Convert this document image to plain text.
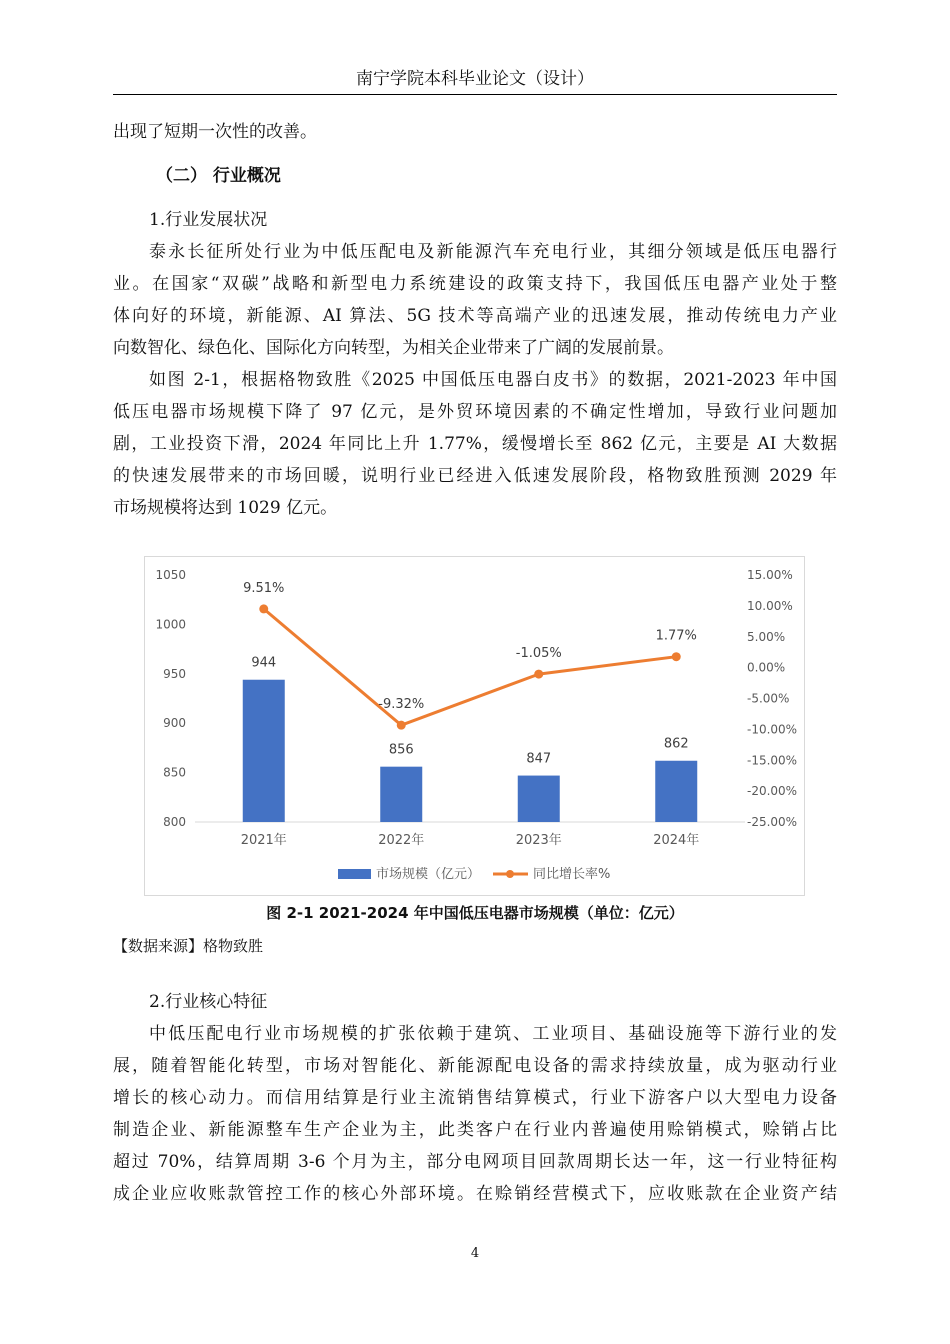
南宁学院本科毕业论文（设计）

出现了短期一次性的改善。

（二） 行业概况

1.行业发展状况

泰永长征所处行业为中低压配电及新能源汽车充电行业，其细分领域是低压电器行
业。在国家“双碳”战略和新型电力系统建设的政策支持下，我国低压电器产业处于整
体向好的环境，新能源、AI 算法、5G 技术等高端产业的迅速发展，推动传统电力产业
向数智化、绿色化、国际化方向转型，为相关企业带来了广阔的发展前景。
如图 2-1，根据格物致胜《2025 中国低压电器白皮书》的数据，2021-2023 年中国
低压电器市场规模下降了 97 亿元，是外贸环境因素的不确定性增加，导致行业问题加
剧，工业投资下滑，2024 年同比上升 1.77%，缓慢增长至 862 亿元，主要是 AI 大数据
的快速发展带来的市场回暖，说明行业已经进入低速发展阶段，格物致胜预测 2029 年
市场规模将达到 1029 亿元。
800
850
900
950
1000
1050
-25.00%
-20.00%
-15.00%
-10.00%
-5.00%
0.00%
5.00%
10.00%
15.00%
944
856
847
862
2021年	2022年	2023年	2024年
9.51%
-9.32%
-1.05%
1.77%
市场规模（亿元）	同比增长率%
图 2-1 2021-2024 年中国低压电器市场规模（单位：亿元）
【数据来源】格物致胜

2.行业核心特征

中低压配电行业市场规模的扩张依赖于建筑、工业项目、基础设施等下游行业的发
展，随着智能化转型，市场对智能化、新能源配电设备的需求持续放量，成为驱动行业
增长的核心动力。而信用结算是行业主流销售结算模式，行业下游客户以大型电力设备
制造企业、新能源整车生产企业为主，此类客户在行业内普遍使用赊销模式，赊销占比
超过 70%，结算周期 3-6 个月为主，部分电网项目回款周期长达一年，这一行业特征构
成企业应收账款管控工作的核心外部环境。在赊销经营模式下，应收账款在企业资产结
4
